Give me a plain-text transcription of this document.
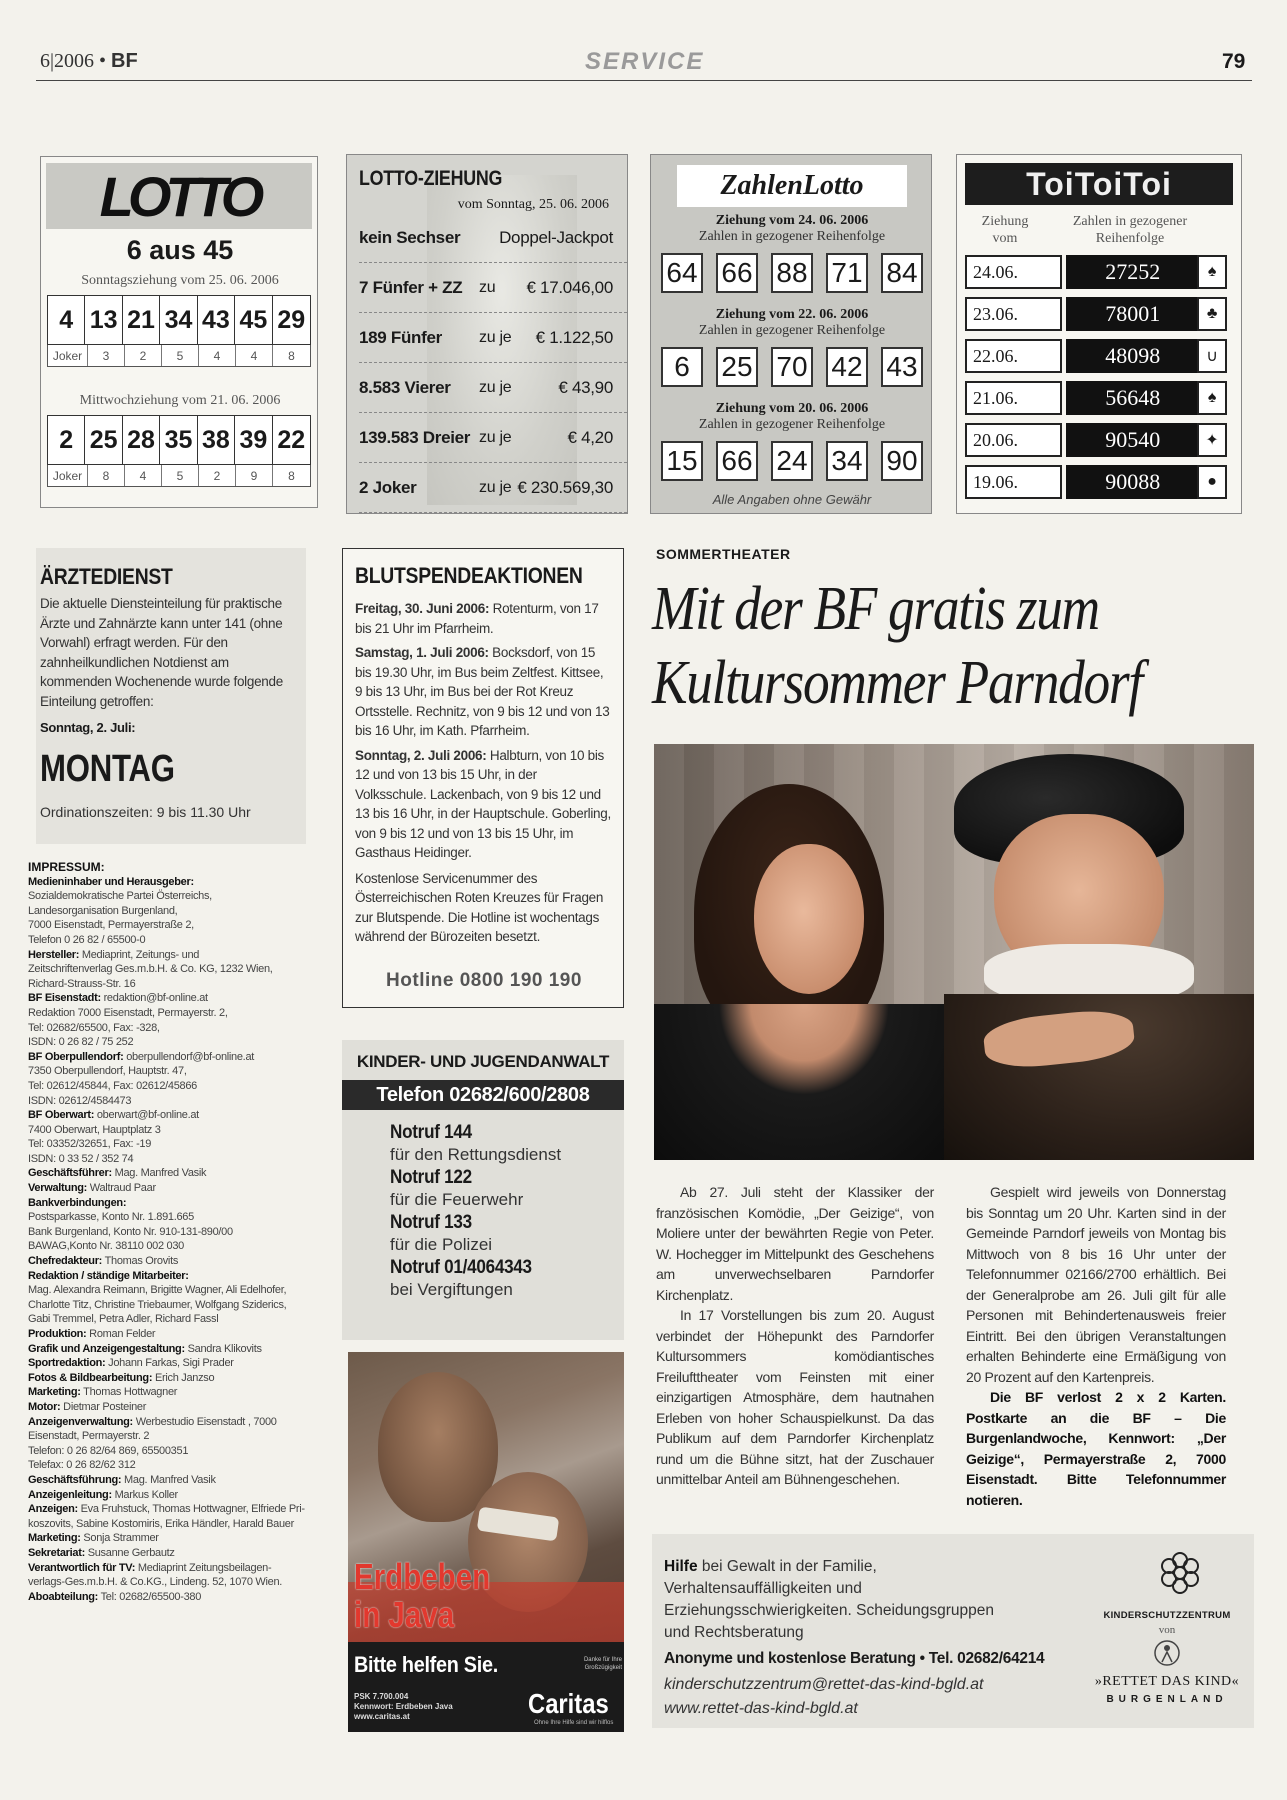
6|2006 • BF	SERVICE	79
LOTTO
6 aus 45
Sonntagsziehung vom 25. 06. 2006
4 13 21 34 43 45 29
Joker	3	2	5	4	4	8
Mittwochziehung vom 21. 06. 2006
2 25 28 35 38 39 22
Joker	8	4	5	2	9	8
LOTTO-ZIEHUNG
vom Sonntag, 25. 06. 2006
kein Sechser Doppel-Jackpot
7 Fünfer + ZZ zu € 17.046,00
189 Fünfer zu je € 1.122,50
8.583 Vierer zu je	€ 43,90
139.583 Dreier zu je	€ 4,20
2 Joker	zu je € 230.569,30
ZahlenLotto
Ziehung vom 24. 06. 2006
Zahlen in gezogener Reihenfolge
64 66 88 71 84
Ziehung vom 22. 06. 2006
Zahlen in gezogener Reihenfolge
6	25 70 42 43
Ziehung vom 20. 06. 2006
Zahlen in gezogener Reihenfolge
15 66 24 34 90
Alle Angaben ohne Gewähr
ToiToiToi
Ziehung vom
Zahlen in gezogener Reihenfolge
24.06.	27252	♠
23.06.	78001	♣
22.06.	48098	∪
21.06.	56648	♠
20.06.	90540	✦
19.06.	90088	●
ÄRZTEDIENST
Die aktuelle Diensteinteilung für praktische Ärzte und Zahnärzte kann unter 141 (ohne Vorwahl) erfragt werden. Für den zahnheilkundlichen Notdienst am kommenden Wochenende wurde folgende Einteilung getroffen:
Sonntag, 2. Juli:
MONTAG
Ordinationszeiten: 9 bis 11.30 Uhr
IMPRESSUM:
Medieninhaber und Herausgeber:
Sozialdemokratische Partei Österreichs,
Landesorganisation Burgenland,
7000 Eisenstadt, Permayerstraße 2,
Telefon 0 26 82 / 65500-0
Hersteller: Mediaprint, Zeitungs- und
Zeitschriftenverlag Ges.m.b.H. & Co. KG, 1232 Wien,
Richard-Strauss-Str. 16
BF Eisenstadt: redaktion@bf-online.at
Redaktion 7000 Eisenstadt, Permayerstr. 2,
Tel: 02682/65500, Fax: -328,
ISDN: 0 26 82 / 75 252
BF Oberpullendorf: oberpullendorf@bf-online.at
7350 Oberpullendorf, Hauptstr. 47,
Tel: 02612/45844, Fax: 02612/45866
ISDN: 02612/4584473
BF Oberwart: oberwart@bf-online.at
7400 Oberwart, Hauptplatz 3
Tel: 03352/32651, Fax: -19
ISDN: 0 33 52 / 352 74
Geschäftsführer: Mag. Manfred Vasik
Verwaltung: Waltraud Paar
Bankverbindungen:
Postsparkasse, Konto Nr. 1.891.665
Bank Burgenland, Konto Nr. 910-131-890/00
BAWAG,Konto Nr. 38110 002 030
Chefredakteur: Thomas Orovits
Redaktion / ständige Mitarbeiter:
Mag. Alexandra Reimann, Brigitte Wagner, Ali Edelhofer,
Charlotte Titz, Christine Triebaumer, Wolfgang Sziderics,
Gabi Tremmel, Petra Adler, Richard Fassl
Produktion: Roman Felder
Grafik und Anzeigengestaltung: Sandra Klikovits
Sportredaktion: Johann Farkas, Sigi Prader
Fotos & Bildbearbeitung: Erich Janzso
Marketing: Thomas Hottwagner
Motor: Dietmar Posteiner
Anzeigenverwaltung: Werbestudio Eisenstadt , 7000
Eisenstadt, Permayerstr. 2
Telefon: 0 26 82/64 869, 65500351
Telefax: 0 26 82/62 312
Geschäftsführung: Mag. Manfred Vasik
Anzeigenleitung: Markus Koller
Anzeigen: Eva Fruhstuck, Thomas Hottwagner, Elfriede Pri-
koszovits, Sabine Kostomiris, Erika Händler, Harald Bauer
Marketing: Sonja Strammer
Sekretariat: Susanne Gerbautz
Verantwortlich für TV: Mediaprint Zeitungsbeilagen-
verlags-Ges.m.b.H. & Co.KG., Lindeng. 52, 1070 Wien.
Aboabteilung: Tel: 02682/65500-380
BLUTSPENDEAKTIONEN
Freitag, 30. Juni 2006: Rotenturm, von 17 bis 21 Uhr im Pfarrheim.
Samstag, 1. Juli 2006: Bocksdorf, von 15 bis 19.30 Uhr, im Bus beim Zeltfest. Kittsee, 9 bis 13 Uhr, im Bus bei der Rot Kreuz Ortsstelle. Rechnitz, von 9 bis 12 und von 13 bis 16 Uhr, im Kath. Pfarrheim.
Sonntag, 2. Juli 2006: Halbturn, von 10 bis 12 und von 13 bis 15 Uhr, in der Volksschule. Lackenbach, von 9 bis 12 und 13 bis 16 Uhr, in der Hauptschule. Goberling, von 9 bis 12 und von 13 bis 15 Uhr, im Gasthaus Heidinger.
Kostenlose Servicenummer des Österreichischen Roten Kreuzes für Fragen zur Blutspende. Die Hotline ist wochentags während der Bürozeiten besetzt.
Hotline 0800 190 190
KINDER- UND JUGENDANWALT
Telefon 02682/600/2808
Notruf 144
für den Rettungsdienst
Notruf 122
für die Feuerwehr
Notruf 133
für die Polizei
Notruf 01/4064343
bei Vergiftungen
Erdbeben
in Java
Bitte helfen Sie.
PSK 7.700.004
Kennwort: Erdbeben Java
www.caritas.at
Danke für Ihre Großzügigkeit
Caritas
Ohne Ihre Hilfe sind wir hilflos
SOMMERTHEATER
Mit der BF gratis zum Kultursommer Parndorf

Ab 27. Juli steht der Klassiker der französischen Komödie, „Der Geizige“, von Moliere unter der bewährten Regie von Peter. W. Hochegger im Mittelpunkt des Geschehens am unverwechselbaren Parndorfer Kirchenplatz.

In 17 Vorstellungen bis zum 20. August verbindet der Höhepunkt des Parndorfer Kultursommers komödiantisches Freilufttheater vom Feinsten mit einer einzigartigen Atmosphäre, dem hautnahen Erleben von hoher Schauspielkunst. Da das Publikum auf dem Parndorfer Kirchenplatz rund um die Bühne sitzt, hat der Zuschauer unmittelbar Anteil am Bühnengeschehen.

Gespielt wird jeweils von Donnerstag bis Sonntag um 20 Uhr. Karten sind in der Gemeinde Parndorf jeweils von Montag bis Mittwoch von 8 bis 16 Uhr unter der Telefonnummer 02166/2700 erhältlich. Bei der Generalprobe am 26. Juli gilt für alle Personen mit Behindertenausweis freier Eintritt. Bei den übrigen Veranstaltungen erhalten Behinderte eine Ermäßigung von 20 Prozent auf den Kartenpreis.

Die BF verlost 2 x 2 Karten. Postkarte an die BF – Die Burgenlandwoche, Kennwort: „Der Geizige“, Permayerstraße 2, 7000 Eisenstadt. Bitte Telefonnummer notieren.

Hilfe bei Gewalt in der Familie, Verhaltensauffälligkeiten und Erziehungsschwierigkeiten. Scheidungsgruppen und Rechtsberatung
Anonyme und kostenlose Beratung • Tel. 02682/64214
kinderschutzzentrum@rettet-das-kind-bgld.at
www.rettet-das-kind-bgld.at
KINDERSCHUTZZENTRUM
von
»RETTET DAS KIND«
BURGENLAND
